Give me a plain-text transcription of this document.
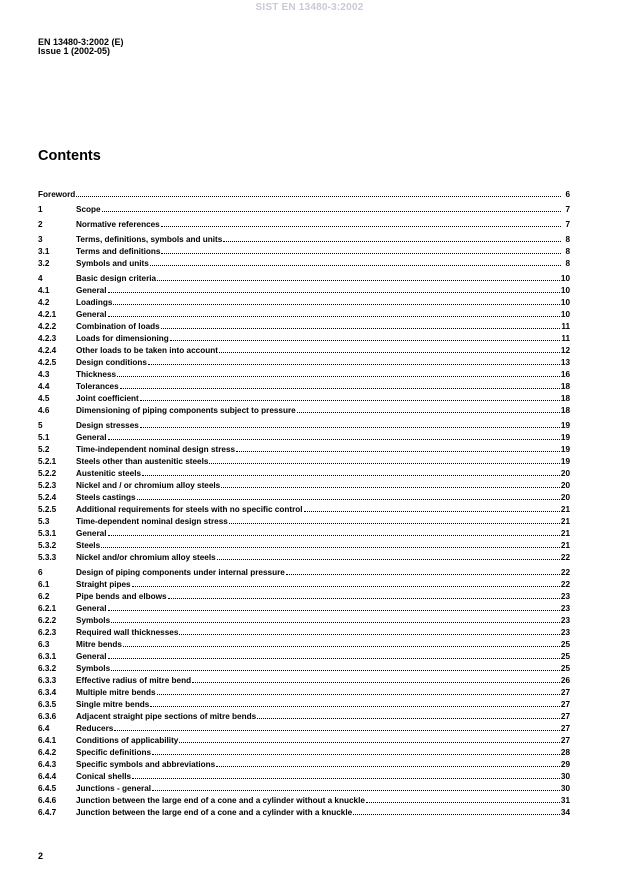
SIST EN 13480-3:2002
EN 13480-3:2002 (E)
Issue 1 (2002-05)
Contents
Foreword	6
1	Scope	7
2	Normative references	7
3	Terms, definitions, symbols and units	8
3.1	Terms and definitions	8
3.2	Symbols and units	8
4	Basic design criteria	10
4.1	General	10
4.2	Loadings	10
4.2.1	General	10
4.2.2	Combination of loads	11
4.2.3	Loads for dimensioning	11
4.2.4	Other loads to be taken into account	12
4.2.5	Design conditions	13
4.3	Thickness	16
4.4	Tolerances	18
4.5	Joint coefficient	18
4.6	Dimensioning of piping components subject to pressure	18
5	Design stresses	19
5.1	General	19
5.2	Time-independent nominal design stress	19
5.2.1	Steels other than austenitic steels	19
5.2.2	Austenitic steels	20
5.2.3	Nickel and / or chromium alloy steels	20
5.2.4	Steels castings	20
5.2.5	Additional requirements for steels with no specific control	21
5.3	Time-dependent nominal design stress	21
5.3.1	General	21
5.3.2	Steels	21
5.3.3	Nickel and/or chromium alloy steels	22
6	Design of piping components under internal pressure	22
6.1	Straight pipes	22
6.2	Pipe bends and elbows	23
6.2.1	General	23
6.2.2	Symbols	23
6.2.3	Required wall thicknesses	23
6.3	Mitre bends	25
6.3.1	General	25
6.3.2	Symbols	25
6.3.3	Effective radius of mitre bend	26
6.3.4	Multiple mitre bends	27
6.3.5	Single mitre bends	27
6.3.6	Adjacent straight pipe sections of mitre bends	27
6.4	Reducers	27
6.4.1	Conditions of applicability	27
6.4.2	Specific definitions	28
6.4.3	Specific symbols and abbreviations	29
6.4.4	Conical shells	30
6.4.5	Junctions - general	30
6.4.6	Junction between the large end of a cone and a cylinder without a knuckle	31
6.4.7	Junction between the large end of a cone and a cylinder with a knuckle	34
2
